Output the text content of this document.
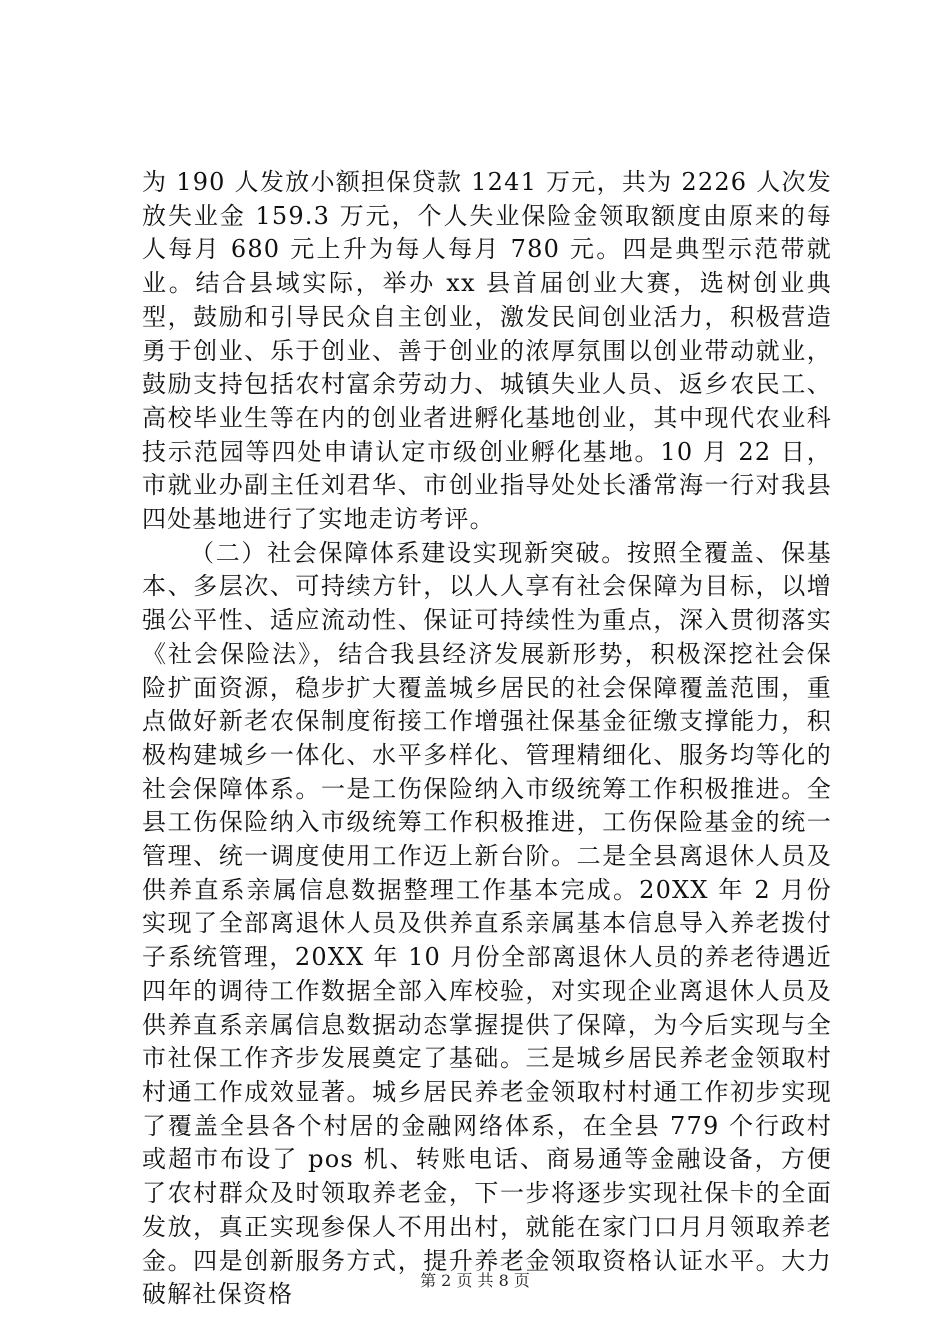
为 190 人发放小额担保贷款 1241 万元，共为 2226 人次发放失业金 159.3 万元，个人失业保险金领取额度由原来的每人每月 680 元上升为每人每月 780 元。四是典型示范带就业。结合县域实际，举办 xx 县首届创业大赛，选树创业典型，鼓励和引导民众自主创业，激发民间创业活力，积极营造勇于创业、乐于创业、善于创业的浓厚氛围以创业带动就业，鼓励支持包括农村富余劳动力、城镇失业人员、返乡农民工、高校毕业生等在内的创业者进孵化基地创业，其中现代农业科技示范园等四处申请认定市级创业孵化基地。10 月 22 日，市就业办副主任刘君华、市创业指导处处长潘常海一行对我县四处基地进行了实地走访考评。

（二）社会保障体系建设实现新突破。按照全覆盖、保基本、多层次、可持续方针，以人人享有社会保障为目标，以增强公平性、适应流动性、保证可持续性为重点，深入贯彻落实《社会保险法》，结合我县经济发展新形势，积极深挖社会保险扩面资源，稳步扩大覆盖城乡居民的社会保障覆盖范围，重点做好新老农保制度衔接工作增强社保基金征缴支撑能力，积极构建城乡一体化、水平多样化、管理精细化、服务均等化的社会保障体系。一是工伤保险纳入市级统筹工作积极推进。全县工伤保险纳入市级统筹工作积极推进，工伤保险基金的统一管理、统一调度使用工作迈上新台阶。二是全县离退休人员及供养直系亲属信息数据整理工作基本完成。20XX 年 2 月份实现了全部离退休人员及供养直系亲属基本信息导入养老拨付子系统管理，20XX 年 10 月份全部离退休人员的养老待遇近四年的调待工作数据全部入库校验，对实现企业离退休人员及供养直系亲属信息数据动态掌握提供了保障，为今后实现与全市社保工作齐步发展奠定了基础。三是城乡居民养老金领取村村通工作成效显著。城乡居民养老金领取村村通工作初步实现了覆盖全县各个村居的金融网络体系，在全县 779 个行政村或超市布设了 pos 机、转账电话、商易通等金融设备，方便了农村群众及时领取养老金，下一步将逐步实现社保卡的全面发放，真正实现参保人不用出村，就能在家门口月月领取养老金。四是创新服务方式，提升养老金领取资格认证水平。大力破解社保资格	第 2 页 共 8 页
